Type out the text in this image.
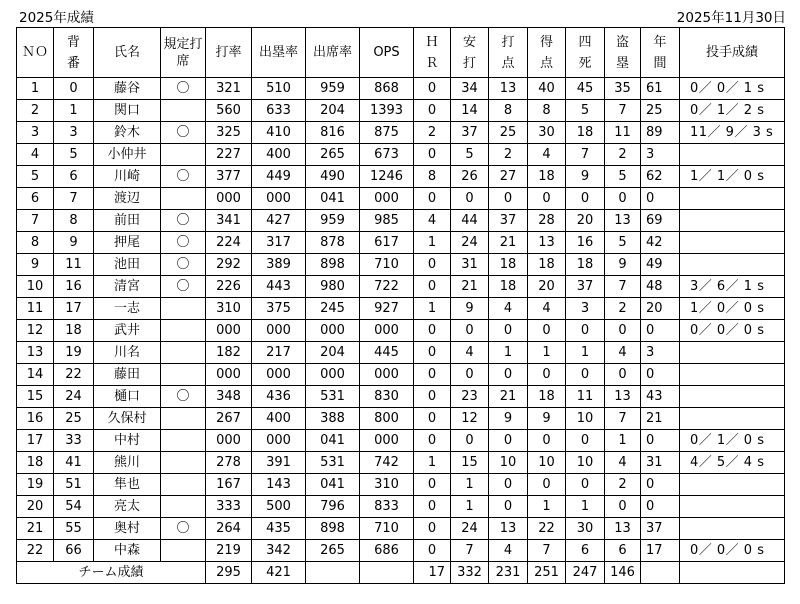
2025年成績	2025年11月30日
ＮＯ	背番	氏名	規定打席	打率	出塁率	出席率	OPS	ＨＲ	安打	打点	得点	四死	盗塁	年間	投手成績
1	0	藤谷	〇	321	510	959	868	0	34	13	40	45	35	61	0／ 0／ 1 s
2	1	関口		560	633	204	1393	0	14	8	8	5	7	25	0／ 1／ 2 s
3	3	鈴木	〇	325	410	816	875	2	37	25	30	18	11	89	11／ 9／ 3 s
4	5	小仲井		227	400	265	673	0	5	2	4	7	2	3	
5	6	川崎	〇	377	449	490	1246	8	26	27	18	9	5	62	1／ 1／ 0 s
6	7	渡辺		000	000	041	000	0	0	0	0	0	0	0	
7	8	前田	〇	341	427	959	985	4	44	37	28	20	13	69	
8	9	押尾	〇	224	317	878	617	1	24	21	13	16	5	42	
9	11	池田	〇	292	389	898	710	0	31	18	18	18	9	49	
10	16	清宮	〇	226	443	980	722	0	21	18	20	37	7	48	3／ 6／ 1 s
11	17	一志		310	375	245	927	1	9	4	4	3	2	20	1／ 0／ 0 s
12	18	武井		000	000	000	000	0	0	0	0	0	0	0	0／ 0／ 0 s
13	19	川名		182	217	204	445	0	4	1	1	1	4	3	
14	22	藤田		000	000	000	000	0	0	0	0	0	0	0	
15	24	樋口	〇	348	436	531	830	0	23	21	18	11	13	43	
16	25	久保村		267	400	388	800	0	12	9	9	10	7	21	
17	33	中村		000	000	041	000	0	0	0	0	0	1	0	0／ 1／ 0 s
18	41	熊川		278	391	531	742	1	15	10	10	10	4	31	4／ 5／ 4 s
19	51	隼也		167	143	041	310	0	1	0	0	0	2	0	
20	54	亮太		333	500	796	833	0	1	0	1	1	0	0	
21	55	奥村	〇	264	435	898	710	0	24	13	22	30	13	37	
22	66	中森		219	342	265	686	0	7	4	7	6	6	17	0／ 0／ 0 s
チーム成績				295	421			17	332	231	251	247	146		
